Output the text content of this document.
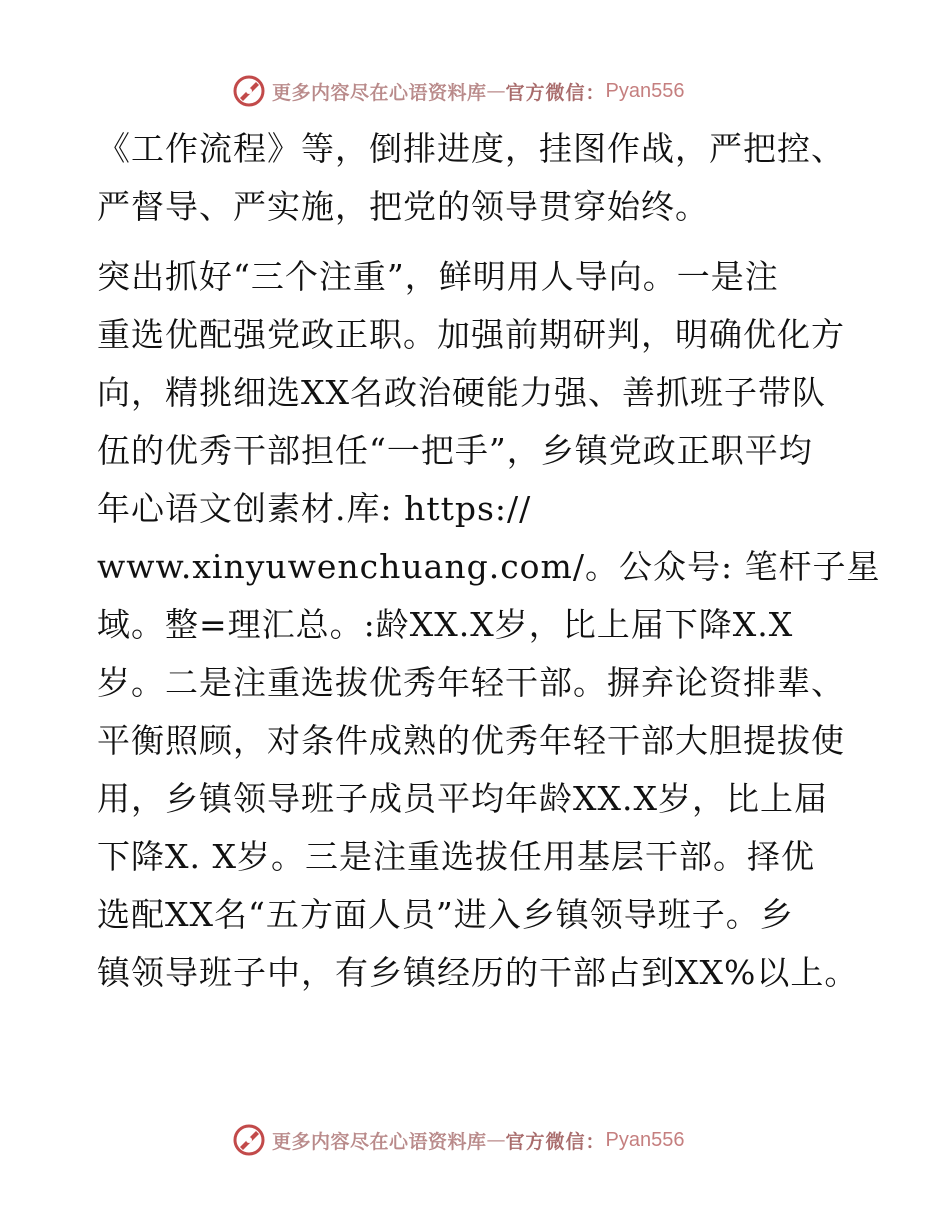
更多内容尽在心语资料库 — 官方微信： Pyan556

《工作流程》等，倒排进度，挂图作战，严把控、
严督导、严实施，把党的领导贯穿始终。

突出抓好“三个注重”，鲜明用人导向。一是注
重选优配强党政正职。加强前期研判，明确优化方
向，精挑细选XX名政治硬能力强、善抓班子带队
伍的优秀干部担任“一把手”，乡镇党政正职平均
年心语文创素材.库: https://
www.xinyuwenchuang.com/。公众号: 笔杆子星
域。整=理汇总。:龄XX.X岁，比上届下降X.X
岁。二是注重选拔优秀年轻干部。摒弃论资排辈、
平衡照顾，对条件成熟的优秀年轻干部大胆提拔使
用，乡镇领导班子成员平均年龄XX.X岁，比上届
下降X. X岁。三是注重选拔任用基层干部。择优
选配XX名“五方面人员”进入乡镇领导班子。乡
镇领导班子中，有乡镇经历的干部占到XX%以上。

更多内容尽在心语资料库 — 官方微信： Pyan556
